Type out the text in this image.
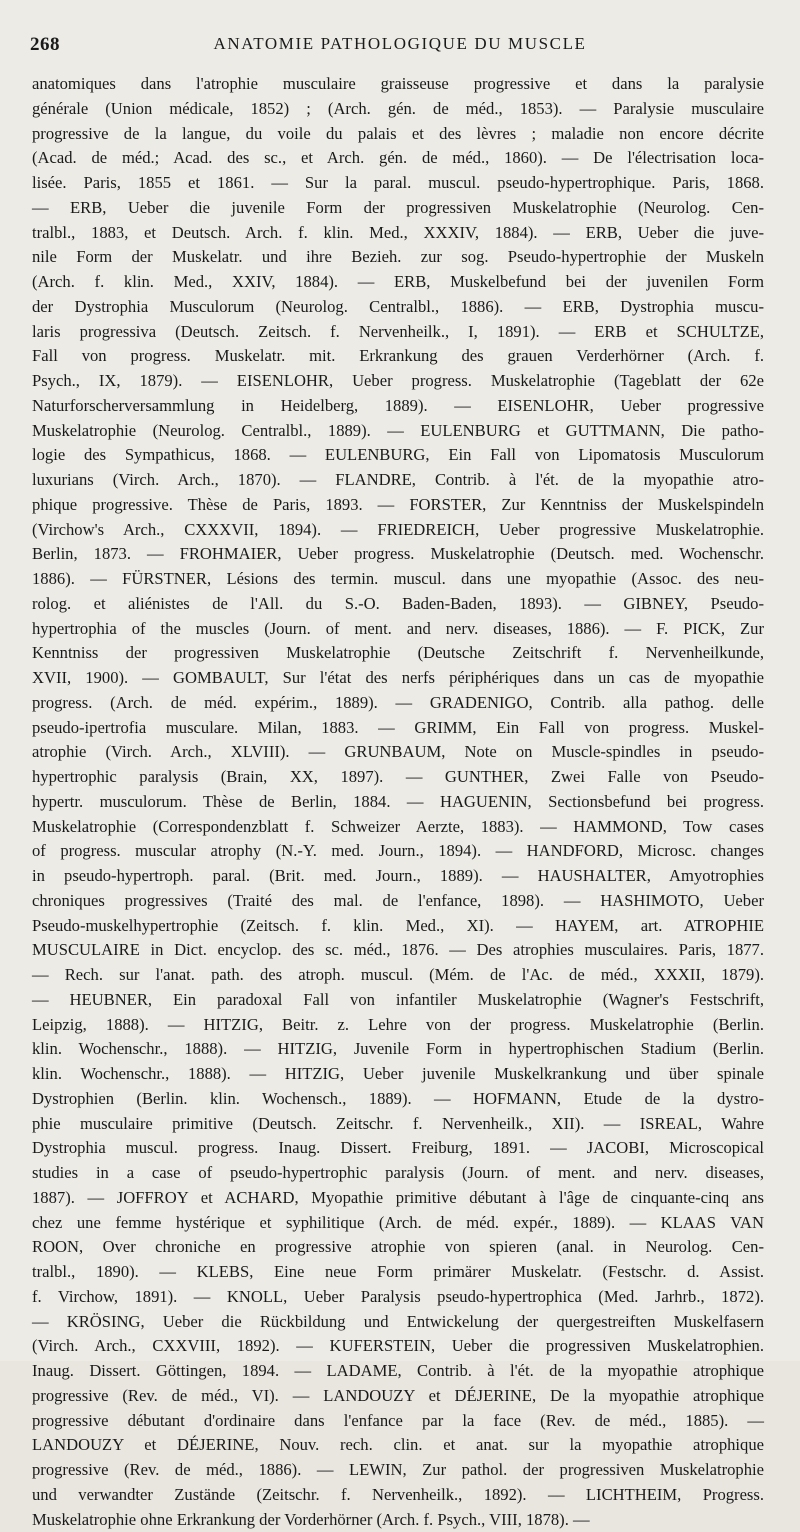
268	ANATOMIE PATHOLOGIQUE DU MUSCLE
anatomiques dans l'atrophie musculaire graisseuse progressive et dans la paralysie
générale (Union médicale, 1852) ; (Arch. gén. de méd., 1853). — Paralysie musculaire
progressive de la langue, du voile du palais et des lèvres ; maladie non encore décrite
(Acad. de méd.; Acad. des sc., et Arch. gén. de méd., 1860). — De l'électrisation loca-
lisée. Paris, 1855 et 1861. — Sur la paral. muscul. pseudo-hypertrophique. Paris, 1868.
— ERB, Ueber die juvenile Form der progressiven Muskelatrophie (Neurolog. Cen-
tralbl., 1883, et Deutsch. Arch. f. klin. Med., XXXIV, 1884). — ERB, Ueber die juve-
nile Form der Muskelatr. und ihre Bezieh. zur sog. Pseudo-hypertrophie der Muskeln
(Arch. f. klin. Med., XXIV, 1884). — ERB, Muskelbefund bei der juvenilen Form
der Dystrophia Musculorum (Neurolog. Centralbl., 1886). — ERB, Dystrophia muscu-
laris progressiva (Deutsch. Zeitsch. f. Nervenheilk., I, 1891). — ERB et SCHULTZE,
Fall von progress. Muskelatr. mit. Erkrankung des grauen Verderhörner (Arch. f.
Psych., IX, 1879). — EISENLOHR, Ueber progress. Muskelatrophie (Tageblatt der 62e
Naturforscherversammlung in Heidelberg, 1889). — EISENLOHR, Ueber progressive
Muskelatrophie (Neurolog. Centralbl., 1889). — EULENBURG et GUTTMANN, Die patho-
logie des Sympathicus, 1868. — EULENBURG, Ein Fall von Lipomatosis Musculorum
luxurians (Virch. Arch., 1870). — FLANDRE, Contrib. à l'ét. de la myopathie atro-
phique progressive. Thèse de Paris, 1893. — FORSTER, Zur Kenntniss der Muskelspindeln
(Virchow's Arch., CXXXVII, 1894). — FRIEDREICH, Ueber progressive Muskelatrophie.
Berlin, 1873. — FROHMAIER, Ueber progress. Muskelatrophie (Deutsch. med. Wochenschr.
1886). — FÜRSTNER, Lésions des termin. muscul. dans une myopathie (Assoc. des neu-
rolog. et aliénistes de l'All. du S.-O. Baden-Baden, 1893). — GIBNEY, Pseudo-
hypertrophia of the muscles (Journ. of ment. and nerv. diseases, 1886). — F. PICK, Zur
Kenntniss der progressiven Muskelatrophie (Deutsche Zeitschrift f. Nervenheilkunde,
XVII, 1900). — GOMBAULT, Sur l'état des nerfs périphériques dans un cas de myopathie
progress. (Arch. de méd. expérim., 1889). — GRADENIGO, Contrib. alla pathog. delle
pseudo-ipertrofia musculare. Milan, 1883. — GRIMM, Ein Fall von progress. Muskel-
atrophie (Virch. Arch., XLVIII). — GRUNBAUM, Note on Muscle-spindles in pseudo-
hypertrophic paralysis (Brain, XX, 1897). — GUNTHER, Zwei Falle von Pseudo-
hypertr. musculorum. Thèse de Berlin, 1884. — HAGUENIN, Sectionsbefund bei progress.
Muskelatrophie (Correspondenzblatt f. Schweizer Aerzte, 1883). — HAMMOND, Tow cases
of progress. muscular atrophy (N.-Y. med. Journ., 1894). — HANDFORD, Microsc. changes
in pseudo-hypertroph. paral. (Brit. med. Journ., 1889). — HAUSHALTER, Amyotrophies
chroniques progressives (Traité des mal. de l'enfance, 1898). — HASHIMOTO, Ueber
Pseudo-muskelhypertrophie (Zeitsch. f. klin. Med., XI). — HAYEM, art. ATROPHIE
MUSCULAIRE in Dict. encyclop. des sc. méd., 1876. — Des atrophies musculaires. Paris, 1877.
— Rech. sur l'anat. path. des atroph. muscul. (Mém. de l'Ac. de méd., XXXII, 1879).
— HEUBNER, Ein paradoxal Fall von infantiler Muskelatrophie (Wagner's Festschrift,
Leipzig, 1888). — HITZIG, Beitr. z. Lehre von der progress. Muskelatrophie (Berlin.
klin. Wochenschr., 1888). — HITZIG, Juvenile Form in hypertrophischen Stadium (Berlin.
klin. Wochenschr., 1888). — HITZIG, Ueber juvenile Muskelkrankung und über spinale
Dystrophien (Berlin. klin. Wochensch., 1889). — HOFMANN, Etude de la dystro-
phie musculaire primitive (Deutsch. Zeitschr. f. Nervenheilk., XII). — ISREAL, Wahre
Dystrophia muscul. progress. Inaug. Dissert. Freiburg, 1891. — JACOBI, Microscopical
studies in a case of pseudo-hypertrophic paralysis (Journ. of ment. and nerv. diseases,
1887). — JOFFROY et ACHARD, Myopathie primitive débutant à l'âge de cinquante-cinq ans
chez une femme hystérique et syphilitique (Arch. de méd. expér., 1889). — KLAAS VAN
ROON, Over chroniche en progressive atrophie von spieren (anal. in Neurolog. Cen-
tralbl., 1890). — KLEBS, Eine neue Form primärer Muskelatr. (Festschr. d. Assist.
f. Virchow, 1891). — KNOLL, Ueber Paralysis pseudo-hypertrophica (Med. Jarhrb., 1872).
— KRÖSING, Ueber die Rückbildung und Entwickelung der quergestreiften Muskelfasern
(Virch. Arch., CXXVIII, 1892). — KUFERSTEIN, Ueber die progressiven Muskelatrophien.
Inaug. Dissert. Göttingen, 1894. — LADAME, Contrib. à l'ét. de la myopathie atrophique
progressive (Rev. de méd., VI). — LANDOUZY et DÉJERINE, De la myopathie atrophique
progressive débutant d'ordinaire dans l'enfance par la face (Rev. de méd., 1885). —
LANDOUZY et DÉJERINE, Nouv. rech. clin. et anat. sur la myopathie atrophique
progressive (Rev. de méd., 1886). — LEWIN, Zur pathol. der progressiven Muskelatrophie
und verwandter Zustände (Zeitschr. f. Nervenheilk., 1892). — LICHTHEIM, Progress.
Muskelatrophie ohne Erkrankung der Vorderhörner (Arch. f. Psych., VIII, 1878). —
